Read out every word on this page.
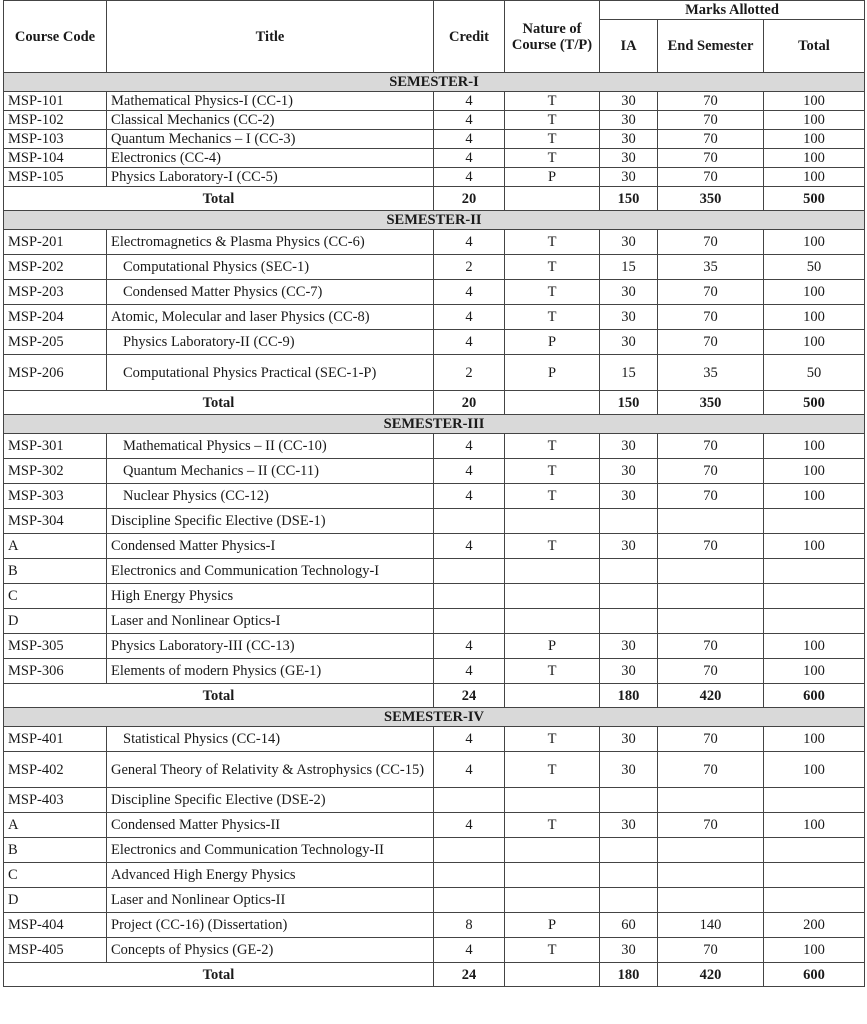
Course Code	Title	Credit	Nature of Course (T/P)	Marks Allotted		
				IA	End Semester	Total
SEMESTER-I						
MSP-101	Mathematical Physics-I (CC-1)	4	T	30	70	100
MSP-102	Classical Mechanics (CC-2)	4	T	30	70	100
MSP-103	Quantum Mechanics – I (CC-3)	4	T	30	70	100
MSP-104	Electronics (CC-4)	4	T	30	70	100
MSP-105	Physics Laboratory-I (CC-5)	4	P	30	70	100
Total		20		150	350	500
SEMESTER-II						
MSP-201	Electromagnetics & Plasma Physics (CC-6)	4	T	30	70	100
MSP-202	Computational Physics (SEC-1)	2	T	15	35	50
MSP-203	Condensed Matter Physics (CC-7)	4	T	30	70	100
MSP-204	Atomic, Molecular and laser Physics (CC-8)	4	T	30	70	100
MSP-205	Physics Laboratory-II (CC-9)	4	P	30	70	100
MSP-206	Computational Physics Practical (SEC-1-P)	2	P	15	35	50
Total		20		150	350	500
SEMESTER-III						
MSP-301	Mathematical Physics – II (CC-10)	4	T	30	70	100
MSP-302	Quantum Mechanics – II (CC-11)	4	T	30	70	100
MSP-303	Nuclear Physics (CC-12)	4	T	30	70	100
MSP-304	Discipline Specific Elective (DSE-1)					
A	Condensed Matter Physics-I	4	T	30	70	100
B	Electronics and Communication Technology-I					
C	High Energy Physics					
D	Laser and Nonlinear Optics-I					
MSP-305	Physics Laboratory-III (CC-13)	4	P	30	70	100
MSP-306	Elements of modern Physics (GE-1)	4	T	30	70	100
Total		24		180	420	600
SEMESTER-IV						
MSP-401	Statistical Physics (CC-14)	4	T	30	70	100
MSP-402	General Theory of Relativity & Astrophysics (CC-15)	4	T	30	70	100
MSP-403	Discipline Specific Elective (DSE-2)					
A	Condensed Matter Physics-II	4	T	30	70	100
B	Electronics and Communication Technology-II					
C	Advanced High Energy Physics					
D	Laser and Nonlinear Optics-II					
MSP-404	Project (CC-16) (Dissertation)	8	P	60	140	200
MSP-405	Concepts of Physics (GE-2)	4	T	30	70	100
Total		24		180	420	600
